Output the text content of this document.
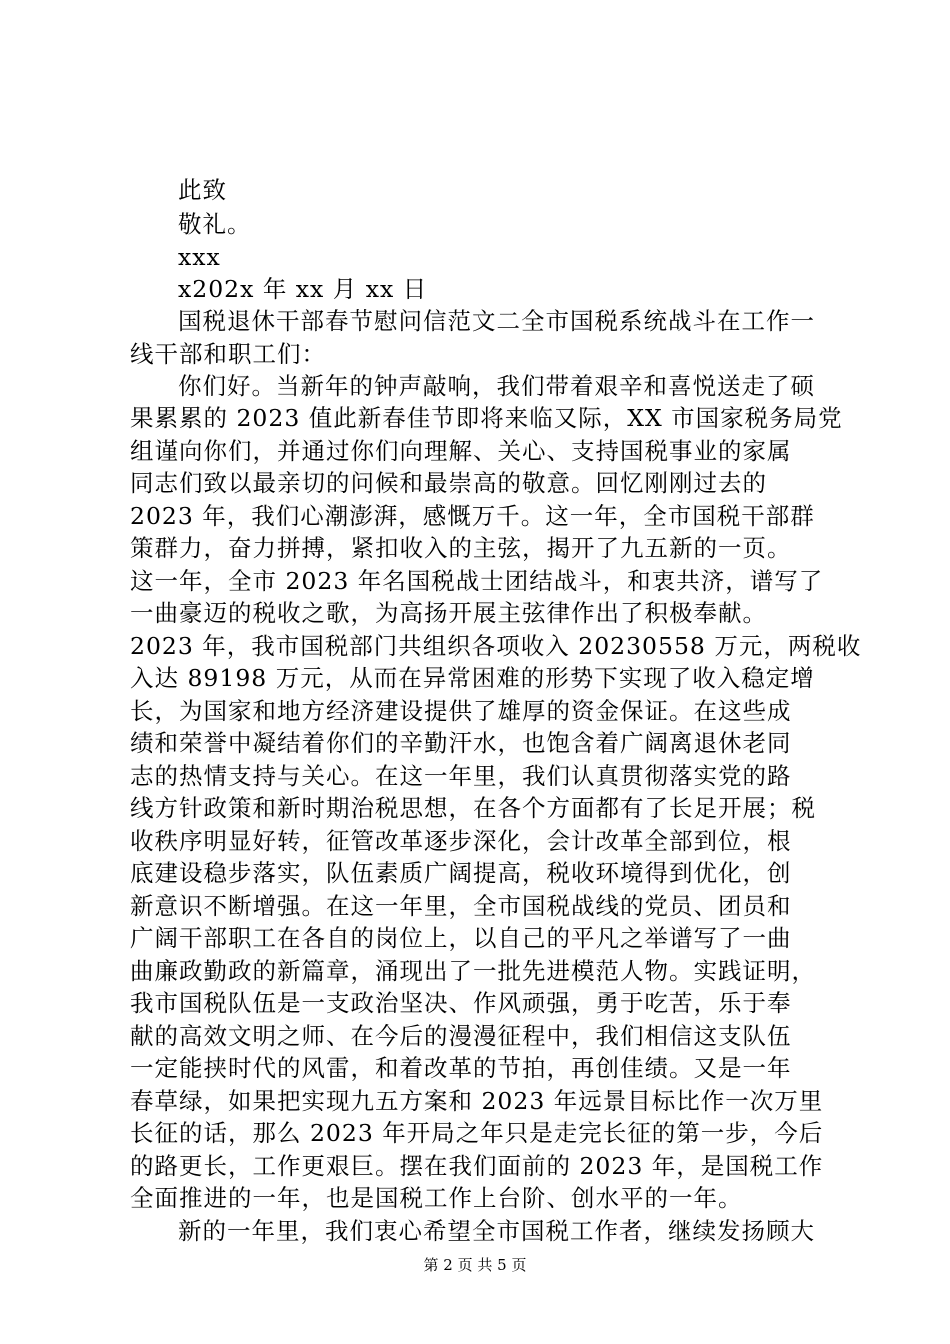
此致
敬礼。
xxx
x202x 年 xx 月 xx 日
国税退休干部春节慰问信范文二全市国税系统战斗在工作一
线干部和职工们：
你们好。当新年的钟声敲响，我们带着艰辛和喜悦送走了硕
果累累的 2023 值此新春佳节即将来临又际，XX 市国家税务局党
组谨向你们，并通过你们向理解、关心、支持国税事业的家属
同志们致以最亲切的问候和最崇高的敬意。回忆刚刚过去的
2023 年，我们心潮澎湃，感慨万千。这一年，全市国税干部群
策群力，奋力拼搏，紧扣收入的主弦，揭开了九五新的一页。
这一年，全市 2023 年名国税战士团结战斗，和衷共济，谱写了
一曲豪迈的税收之歌，为高扬开展主弦律作出了积极奉献。
2023 年，我市国税部门共组织各项收入 20230558 万元，两税收
入达 89198 万元，从而在异常困难的形势下实现了收入稳定增
长，为国家和地方经济建设提供了雄厚的资金保证。在这些成
绩和荣誉中凝结着你们的辛勤汗水，也饱含着广阔离退休老同
志的热情支持与关心。在这一年里，我们认真贯彻落实党的路
线方针政策和新时期治税思想，在各个方面都有了长足开展；税
收秩序明显好转，征管改革逐步深化，会计改革全部到位，根
底建设稳步落实，队伍素质广阔提高，税收环境得到优化，创
新意识不断增强。在这一年里，全市国税战线的党员、团员和
广阔干部职工在各自的岗位上，以自己的平凡之举谱写了一曲
曲廉政勤政的新篇章，涌现出了一批先进模范人物。实践证明，
我市国税队伍是一支政治坚决、作风顽强，勇于吃苦，乐于奉
献的高效文明之师、在今后的漫漫征程中，我们相信这支队伍
一定能挟时代的风雷，和着改革的节拍，再创佳绩。又是一年
春草绿，如果把实现九五方案和 2023 年远景目标比作一次万里
长征的话，那么 2023 年开局之年只是走完长征的第一步，今后
的路更长，工作更艰巨。摆在我们面前的 2023 年，是国税工作
全面推进的一年，也是国税工作上台阶、创水平的一年。
新的一年里，我们衷心希望全市国税工作者，继续发扬顾大
第 2 页 共 5 页
